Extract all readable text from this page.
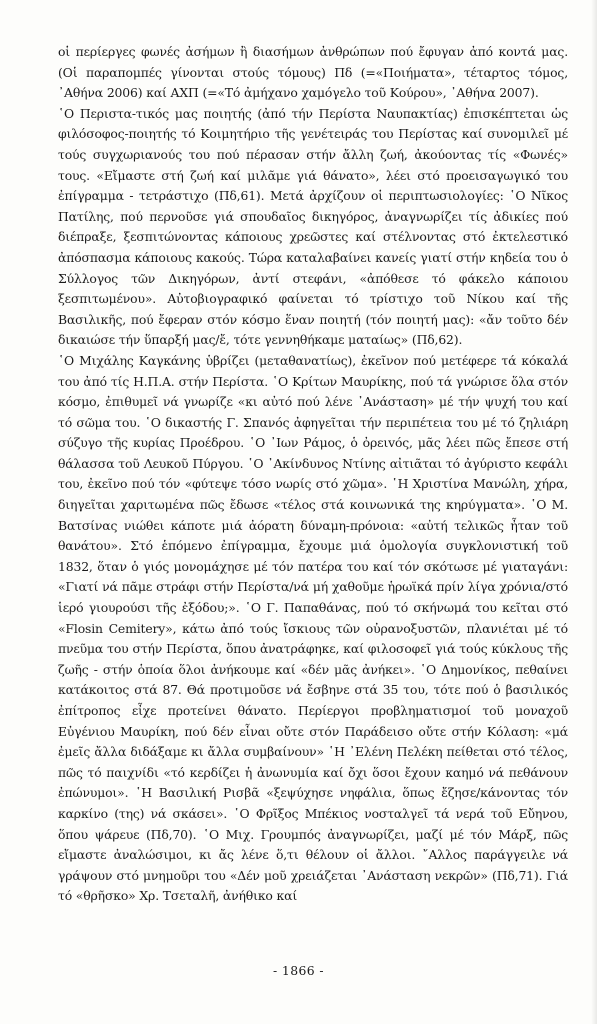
οἱ περίεργες φωνές ἀσήμων ἢ διασήμων ἀνθρώπων πού ἔφυγαν ἀπό κοντά μας. (Οἱ παραπομπές γίνονται στούς τόμους) Πδ (=«Ποιήματα», τέταρτος τόμος, ᾿Αθήνα 2006) καί ΑΧΠ (=«Τό ἀμήχανο χαμόγελο τοῦ Κούρου», ᾿Αθήνα 2007).

῾Ο Περιστα-τικός μας ποιητής (ἀπό τήν Περίστα Ναυπακτίας) ἐπισκέπτεται ὡς φιλόσοφος-ποιητής τό Κοιμητήριο τῆς γενέτειράς του Περίστας καί συνομιλεῖ μέ τούς συγχωριανούς του πού πέρασαν στήν ἄλλη ζωή, ἀκούοντας τίς «Φωνές» τους. «Εἴμαστε στή ζωή καί μιλᾶμε γιά θάνατο», λέει στό προεισαγωγικό του ἐπίγραμμα - τετράστιχο (Πδ,61). Μετά ἀρχίζουν οἱ περιπτωσιολογίες: ῾Ο Νῖκος Πατίλης, πού περνοῦσε γιά σπουδαῖος δικηγόρος, ἀναγνωρίζει τίς ἀδικίες πού διέπραξε, ξεσπιτώνοντας κάποιους χρεῶστες καί στέλνοντας στό ἐκτελεστικό ἀπόσπασμα κάποιους κακούς. Τώρα καταλαβαίνει κανείς γιατί στήν κηδεία του ὁ Σύλλογος τῶν Δικηγόρων, ἀντί στεφάνι, «ἀπόθεσε τό φάκελο κάποιου ξεσπιτωμένου». Αὐτοβιογραφικό φαίνεται τό τρίστιχο τοῦ Νίκου καί τῆς Βασιλικῆς, πού ἔφεραν στόν κόσμο ἕναν ποιητή (τόν ποιητή μας): «ἄν τοῦτο δέν δικαιώσε τήν ὕπαρξή μας/ἔ, τότε γεννηθήκαμε ματαίως» (Πδ,62).

῾Ο Μιχάλης Καγκάνης ὑβρίζει (μεταθανατίως), ἐκεῖνον πού μετέφερε τά κόκαλά του ἀπό τίς Η.Π.Α. στήν Περίστα. ῾Ο Κρίτων Μαυρίκης, πού τά γνώρισε ὅλα στόν κόσμο, ἐπιθυμεῖ νά γνωρίζε «κι αὐτό πού λένε ᾿Ανάσταση» μέ τήν ψυχή του καί τό σῶμα του. ῾Ο δικαστής Γ. Σπανός ἀφηγεῖται τήν περιπέτεια του μέ τό ζηλιάρη σύζυγο τῆς κυρίας Προέδρου. ῾Ο ᾿Ιων Ράμος, ὁ ὀρειvός, μᾶς λέει πῶς ἔπεσε στή θάλασσα τοῦ Λευκοῦ Πύργου. ῾Ο ᾿Ακίνδυνος Ντίνης αἰτιᾶται τό ἀγύριστο κεφάλι του, ἐκεῖνο πού τόν «φύτεψε τόσο νωρίς στό χῶμα». ῾Η Χριστίνα Μανώλη, χήρα, διηγεῖται χαριτωμένα πῶς ἔδωσε «τέλος στά κοινωνικά της κηρύγματα». ῾Ο Μ. Βατσίνας νιώθει κάποτε μιά ἀόρατη δύναμη-πρόνοια: «αὐτή τελικῶς ἦταν τοῦ θανάτου». Στό ἑπόμενο ἐπίγραμμα, ἔχουμε μιά ὁμολογία συγκλονιστική τοῦ 1832, ὅταν ὁ γιός μονομάχησε μέ τόν πατέρα του καί τόν σκότωσε μέ γιαταγάνι: «Γιατί νά πᾶμε στράφι στήν Περίστα/νά μή χαθοῦμε ἡρωϊκά πρίν λίγα χρόνια/στό ἱερό γιουρούσι τῆς ἐξόδου;». ῾Ο Γ. Παπαθάνας, πού τό σκήνωμά του κεῖται στό «Flosin Cemitery», κάτω ἀπό τούς ἴσκιους τῶν οὐρανοξυστῶν, πλανιέται μέ τό πνεῦμα του στήν Περίστα, ὅπου ἀνατράφηκε, καί φιλοσοφεῖ γιά τούς κύκλους τῆς ζωῆς - στήν ὁποία ὅλοι ἀνήκουμε καί «δέν μᾶς ἀνήκει». ῾Ο Δημονίκος, πεθαίνει κατάκοιτος στά 87. Θά προτιμοῦσε νά ἔσβηνε στά 35 του, τότε πού ὁ βασιλικός ἐπίτροπος εἶχε προτείνει θάνατο. Περίεργοι προβληματισμοί τοῦ μοναχοῦ Εὐγένιου Μαυρίκη, πού δέν εἶναι οὔτε στόν Παράδεισο οὔτε στήν Κόλαση: «μά ἐμεῖς ἄλλα διδάξαμε κι ἄλλα συμβαίνουν» ῾Η ᾿Ελένη Πελέκη πείθεται στό τέλος, πῶς τό παιχνίδι «τό κερδίζει ἡ ἀνωνυμία καί ὄχι ὅσοι ἔχουν καημό νά πεθάνουν ἐπώνυμοι». ῾Η Βασιλική Ρισβᾶ «ξεψύχησε νηφάλια, ὅπως ἔζησε/κάνοντας τόν καρκίνο (της) νά σκάσει». ῾Ο Φρῖξος Μπέκιος νοσταλγεῖ τά νερά τοῦ Εὔηνου, ὅπου ψάρευε (Πδ,70). ῾Ο Μιχ. Γρουμπός ἀναγνωρίζει, μαζί μέ τόν Μάρξ, πῶς εἴμαστε ἀναλώσιμοι, κι ἄς λένε ὅ,τι θέλουν οἱ ἄλλοι. ῎Αλλος παράγγειλε νά γράψουν στό μνημοῦρι του «Δέν μοῦ χρειάζεται ᾿Ανάσταση νεκρῶν» (Πδ,71). Γιά τό «θρῆσκο» Χρ. Τσεταλῆ, ἀνήθικο καί

- 1866 -
